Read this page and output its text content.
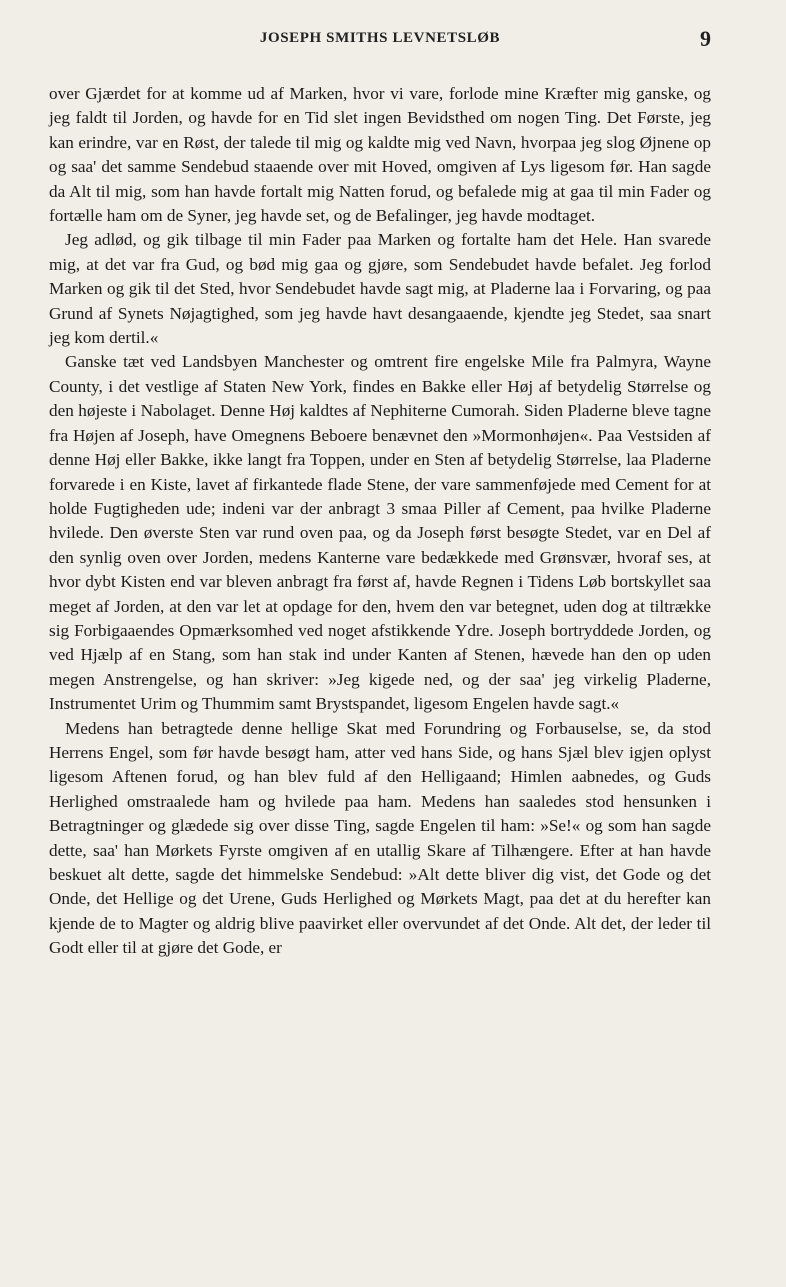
JOSEPH SMITHS LEVNETSLØB	9

over Gjærdet for at komme ud af Marken, hvor vi vare, forlode mine Kræfter mig ganske, og jeg faldt til Jorden, og havde for en Tid slet ingen Bevidsthed om nogen Ting. Det Første, jeg kan erindre, var en Røst, der talede til mig og kaldte mig ved Navn, hvorpaa jeg slog Øjnene op og saa' det samme Sendebud staaende over mit Hoved, omgiven af Lys ligesom før. Han sagde da Alt til mig, som han havde fortalt mig Natten forud, og befalede mig at gaa til min Fader og fortælle ham om de Syner, jeg havde set, og de Befalinger, jeg havde modtaget.

Jeg adlød, og gik tilbage til min Fader paa Marken og fortalte ham det Hele. Han svarede mig, at det var fra Gud, og bød mig gaa og gjøre, som Sendebudet havde befalet. Jeg forlod Marken og gik til det Sted, hvor Sendebudet havde sagt mig, at Pladerne laa i Forvaring, og paa Grund af Synets Nøjagtighed, som jeg havde havt desangaaende, kjendte jeg Stedet, saa snart jeg kom dertil.«

Ganske tæt ved Landsbyen Manchester og omtrent fire engelske Mile fra Palmyra, Wayne County, i det vestlige af Staten New York, findes en Bakke eller Høj af betydelig Størrelse og den højeste i Nabolaget. Denne Høj kaldtes af Nephiterne Cumorah. Siden Pladerne bleve tagne fra Højen af Joseph, have Omegnens Beboere benævnet den »Mormonhøjen«. Paa Vestsiden af denne Høj eller Bakke, ikke langt fra Toppen, under en Sten af betydelig Størrelse, laa Pladerne forvarede i en Kiste, lavet af firkantede flade Stene, der vare sammenføjede med Cement for at holde Fugtigheden ude; indeni var der anbragt 3 smaa Piller af Cement, paa hvilke Pladerne hvilede. Den øverste Sten var rund oven paa, og da Joseph først besøgte Stedet, var en Del af den synlig oven over Jorden, medens Kanterne vare bedækkede med Grønsvær, hvoraf ses, at hvor dybt Kisten end var bleven anbragt fra først af, havde Regnen i Tidens Løb bortskyllet saa meget af Jorden, at den var let at opdage for den, hvem den var betegnet, uden dog at tiltrække sig Forbigaaendes Opmærksomhed ved noget afstikkende Ydre. Joseph bortryddede Jorden, og ved Hjælp af en Stang, som han stak ind under Kanten af Stenen, hævede han den op uden megen Anstrengelse, og han skriver: »Jeg kigede ned, og der saa' jeg virkelig Pladerne, Instrumentet Urim og Thummim samt Brystspandet, ligesom Engelen havde sagt.«

Medens han betragtede denne hellige Skat med Forundring og Forbauselse, se, da stod Herrens Engel, som før havde besøgt ham, atter ved hans Side, og hans Sjæl blev igjen oplyst ligesom Aftenen forud, og han blev fuld af den Helligaand; Himlen aabnedes, og Guds Herlighed omstraalede ham og hvilede paa ham. Medens han saaledes stod hensunken i Betragtninger og glædede sig over disse Ting, sagde Engelen til ham: »Se!« og som han sagde dette, saa' han Mørkets Fyrste omgiven af en utallig Skare af Tilhængere. Efter at han havde beskuet alt dette, sagde det himmelske Sendebud: »Alt dette bliver dig vist, det Gode og det Onde, det Hellige og det Urene, Guds Herlighed og Mørkets Magt, paa det at du herefter kan kjende de to Magter og aldrig blive paavirket eller overvundet af det Onde. Alt det, der leder til Godt eller til at gjøre det Gode, er
